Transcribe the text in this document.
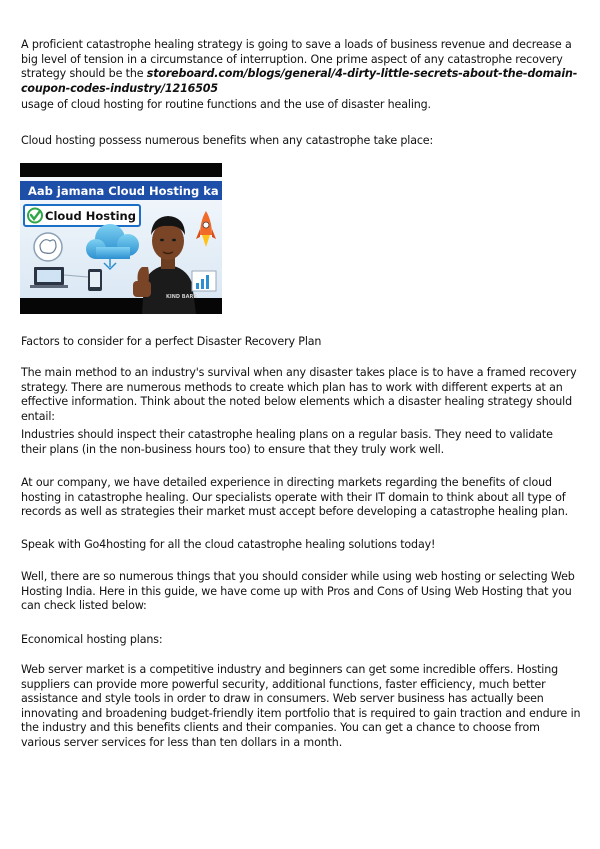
A proficient catastrophe healing strategy is going to save a loads of business revenue and decrease a big level of tension in a circumstance of interruption. One prime aspect of any catastrophe recovery strategy should be the storeboard.com/blogs/general/4-dirty-little-secrets-about-the-domain-coupon-codes-industry/1216505

usage of cloud hosting for routine functions and the use of disaster healing.

Cloud hosting possess numerous benefits when any catastrophe take place:

Aab jamana Cloud Hosting ka Hai
Cloud Hosting
KIND BARS

Factors to consider for a perfect Disaster Recovery Plan

The main method to an industry's survival when any disaster takes place is to have a framed recovery strategy. There are numerous methods to create which plan has to work with different experts at an effective information. Think about the noted below elements which a disaster healing strategy should entail:

Industries should inspect their catastrophe healing plans on a regular basis. They need to validate their plans (in the non-business hours too) to ensure that they truly work well.

At our company, we have detailed experience in directing markets regarding the benefits of cloud hosting in catastrophe healing. Our specialists operate with their IT domain to think about all type of records as well as strategies their market must accept before developing a catastrophe healing plan.

Speak with Go4hosting for all the cloud catastrophe healing solutions today!

Well, there are so numerous things that you should consider while using web hosting or selecting Web Hosting India. Here in this guide, we have come up with Pros and Cons of Using Web Hosting that you can check listed below:

Economical hosting plans:

Web server market is a competitive industry and beginners can get some incredible offers. Hosting suppliers can provide more powerful security, additional functions, faster efficiency, much better assistance and style tools in order to draw in consumers. Web server business has actually been innovating and broadening budget-friendly item portfolio that is required to gain traction and endure in the industry and this benefits clients and their companies. You can get a chance to choose from various server services for less than ten dollars in a month.
